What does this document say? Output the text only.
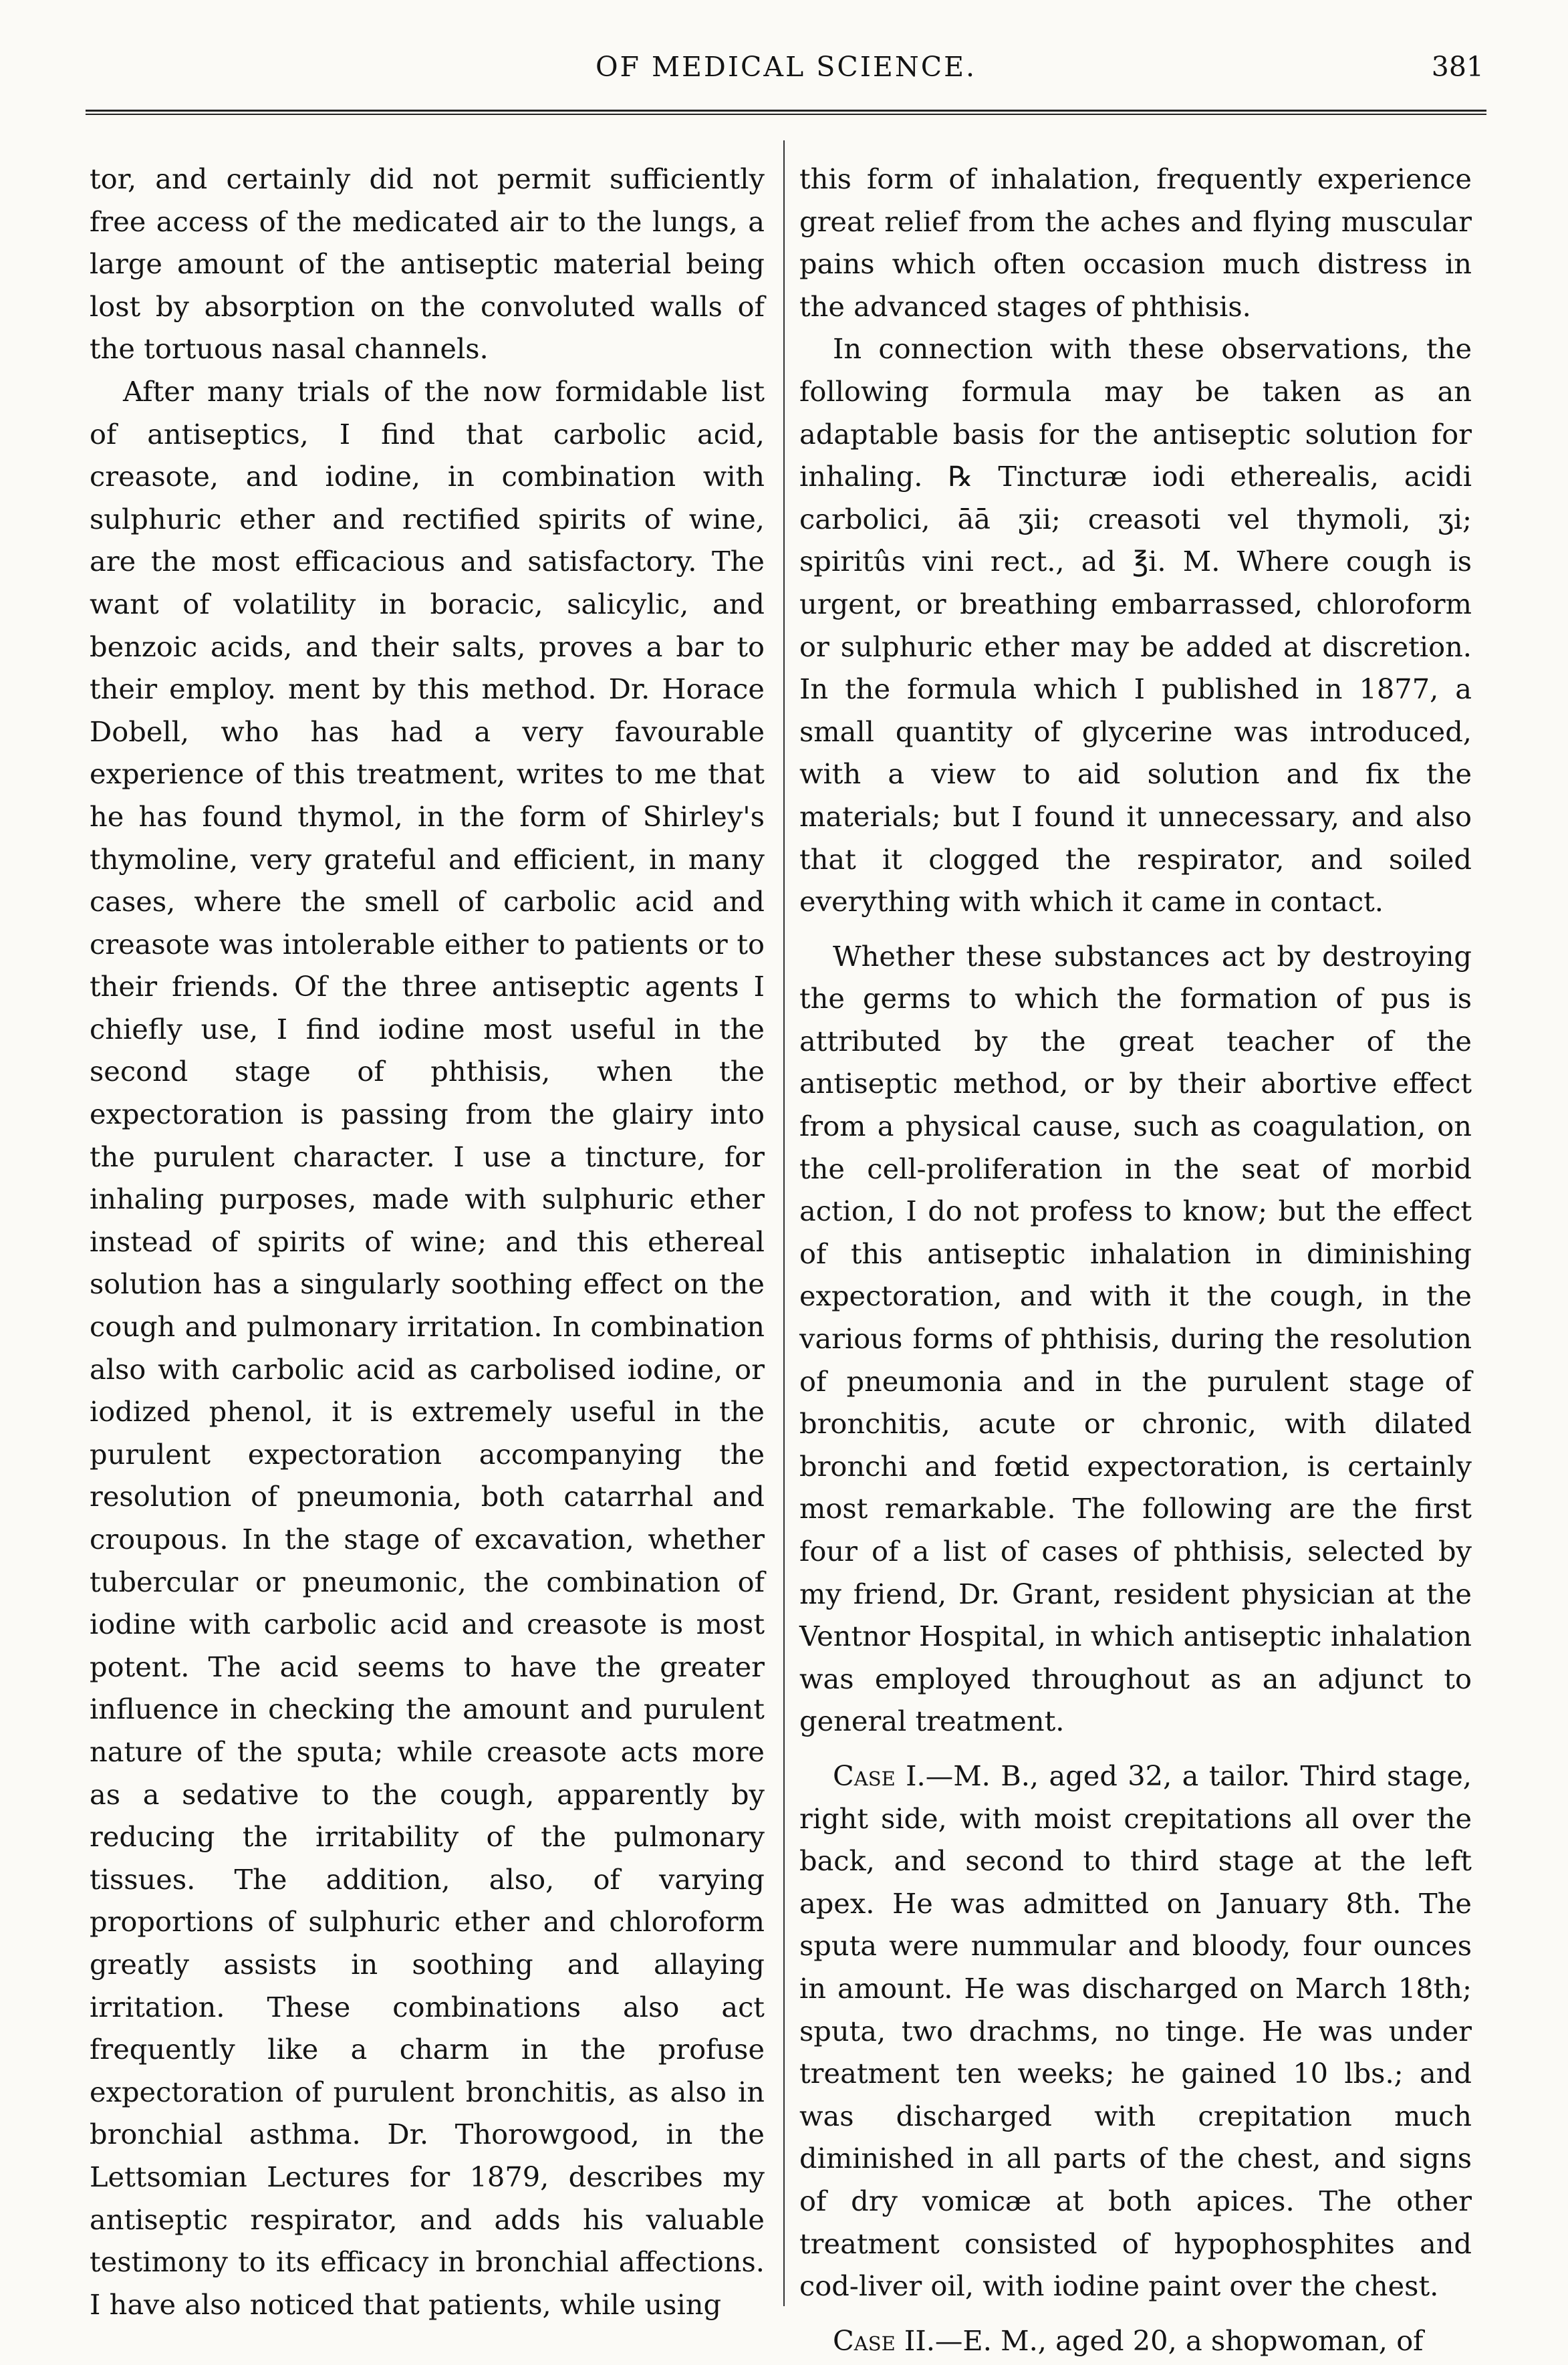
OF MEDICAL SCIENCE.	381

tor, and certainly did not permit sufficiently free access of the medicated air to the lungs, a large amount of the antiseptic material being lost by absorption on the convoluted walls of the tortuous nasal channels.

After many trials of the now formidable list of antiseptics, I find that carbolic acid, creasote, and iodine, in combination with sulphuric ether and rectified spirits of wine, are the most efficacious and satisfactory. The want of volatility in boracic, salicylic, and benzoic acids, and their salts, proves a bar to their employ. ment by this method. Dr. Horace Dobell, who has had a very favourable experience of this treatment, writes to me that he has found thymol, in the form of Shirley's thymoline, very grateful and efficient, in many cases, where the smell of carbolic acid and creasote was intolerable either to patients or to their friends. Of the three antiseptic agents I chiefly use, I find iodine most useful in the second stage of phthisis, when the expectoration is passing from the glairy into the purulent character. I use a tincture, for inhaling purposes, made with sulphuric ether instead of spirits of wine; and this ethereal solution has a singularly soothing effect on the cough and pulmonary irritation. In combination also with carbolic acid as carbolised iodine, or iodized phenol, it is extremely useful in the purulent expectoration accompanying the resolution of pneumonia, both catarrhal and croupous. In the stage of excavation, whether tubercular or pneumonic, the combination of iodine with carbolic acid and creasote is most potent. The acid seems to have the greater influence in checking the amount and purulent nature of the sputa; while creasote acts more as a sedative to the cough, apparently by reducing the irritability of the pulmonary tissues. The addition, also, of varying proportions of sulphuric ether and chloroform greatly assists in soothing and allaying irritation. These combinations also act frequently like a charm in the profuse expectoration of purulent bronchitis, as also in bronchial asthma. Dr. Thorowgood, in the Lettsomian Lectures for 1879, describes my antiseptic respirator, and adds his valuable testimony to its efficacy in bronchial affections. I have also noticed that patients, while using

this form of inhalation, frequently experience great relief from the aches and flying muscular pains which often occasion much distress in the advanced stages of phthisis.

In connection with these observations, the following formula may be taken as an adaptable basis for the antiseptic solution for inhaling. ℞ Tincturæ iodi etherealis, acidi carbolici, āā ʒii; creasoti vel thymoli, ʒi; spiritûs vini rect., ad ℥i. M. Where cough is urgent, or breathing embarrassed, chloroform or sulphuric ether may be added at discretion. In the formula which I published in 1877, a small quantity of glycerine was introduced, with a view to aid solution and fix the materials; but I found it unnecessary, and also that it clogged the respirator, and soiled everything with which it came in contact.

Whether these substances act by destroying the germs to which the formation of pus is attributed by the great teacher of the antiseptic method, or by their abortive effect from a physical cause, such as coagulation, on the cell-proliferation in the seat of morbid action, I do not profess to know; but the effect of this antiseptic inhalation in diminishing expectoration, and with it the cough, in the various forms of phthisis, during the resolution of pneumonia and in the purulent stage of bronchitis, acute or chronic, with dilated bronchi and fœtid expectoration, is certainly most remarkable. The following are the first four of a list of cases of phthisis, selected by my friend, Dr. Grant, resident physician at the Ventnor Hospital, in which antiseptic inhalation was employed throughout as an adjunct to general treatment.

Case I.—M. B., aged 32, a tailor. Third stage, right side, with moist crepitations all over the back, and second to third stage at the left apex. He was admitted on January 8th. The sputa were nummular and bloody, four ounces in amount. He was discharged on March 18th; sputa, two drachms, no tinge. He was under treatment ten weeks; he gained 10 lbs.; and was discharged with crepitation much diminished in all parts of the chest, and signs of dry vomicæ at both apices. The other treatment consisted of hypophosphites and cod-liver oil, with iodine paint over the chest.

Case II.—E. M., aged 20, a shopwoman, of
